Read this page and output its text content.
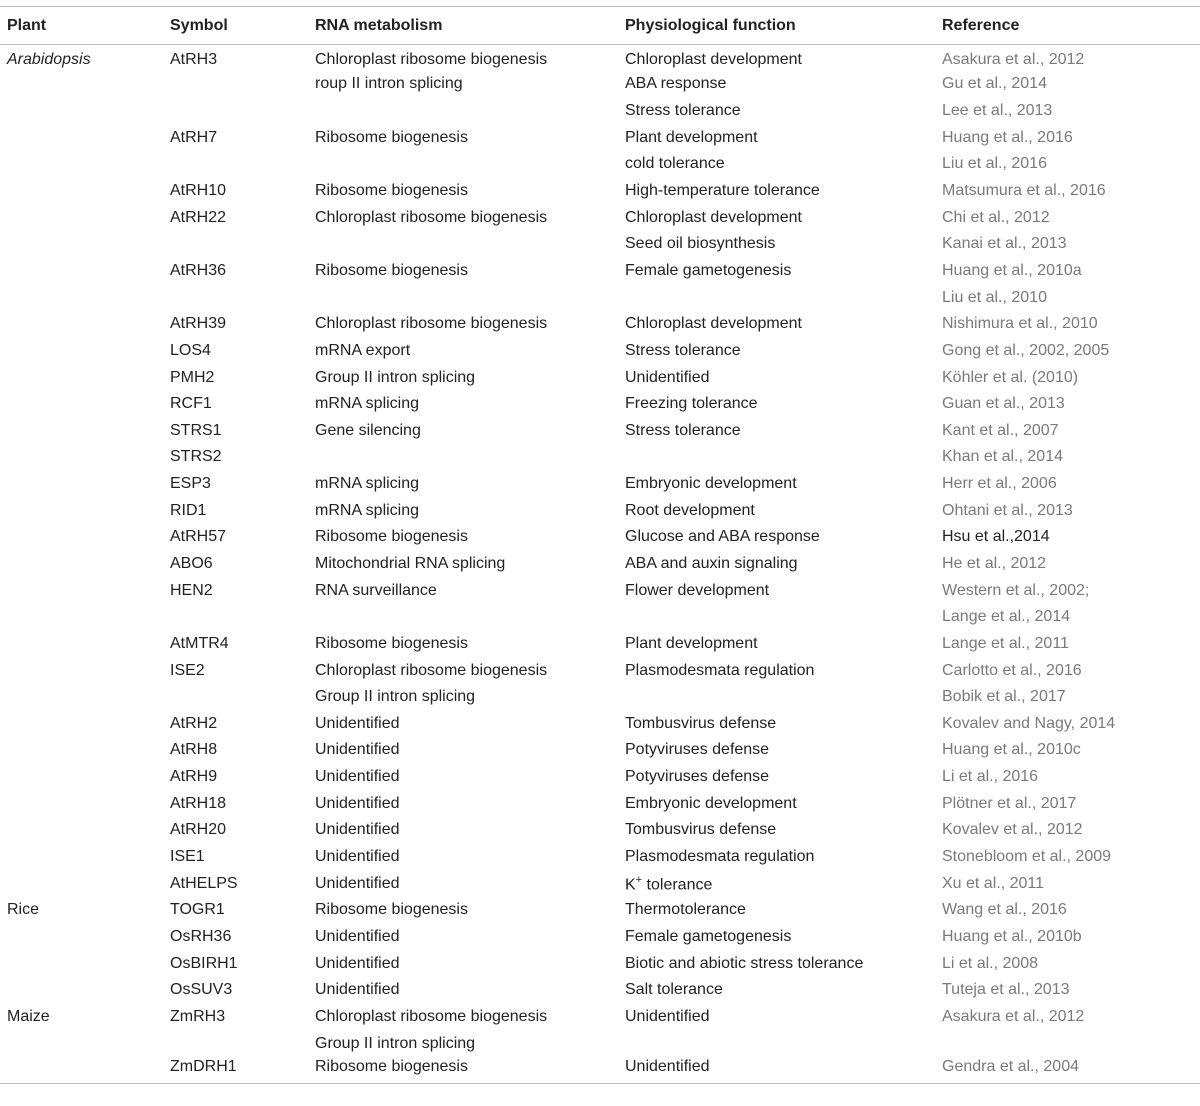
Plant	Symbol	RNA metabolism	Physiological function	Reference
Arabidopsis	AtRH3	Chloroplast ribosome biogenesis	Chloroplast development	Asakura et al., 2012
		roup II intron splicing	ABA response	Gu et al., 2014
			Stress tolerance	Lee et al., 2013
	AtRH7	Ribosome biogenesis	Plant development	Huang et al., 2016
			cold tolerance	Liu et al., 2016
	AtRH10	Ribosome biogenesis	High-temperature tolerance	Matsumura et al., 2016
	AtRH22	Chloroplast ribosome biogenesis	Chloroplast development	Chi et al., 2012
			Seed oil biosynthesis	Kanai et al., 2013
	AtRH36	Ribosome biogenesis	Female gametogenesis	Huang et al., 2010a
				Liu et al., 2010
	AtRH39	Chloroplast ribosome biogenesis	Chloroplast development	Nishimura et al., 2010
	LOS4	mRNA export	Stress tolerance	Gong et al., 2002, 2005
	PMH2	Group II intron splicing	Unidentified	Köhler et al. (2010)
	RCF1	mRNA splicing	Freezing tolerance	Guan et al., 2013
	STRS1	Gene silencing	Stress tolerance	Kant et al., 2007
	STRS2			Khan et al., 2014
	ESP3	mRNA splicing	Embryonic development	Herr et al., 2006
	RID1	mRNA splicing	Root development	Ohtani et al., 2013
	AtRH57	Ribosome biogenesis	Glucose and ABA response	Hsu et al.,2014
	ABO6	Mitochondrial RNA splicing	ABA and auxin signaling	He et al., 2012
	HEN2	RNA surveillance	Flower development	Western et al., 2002;
				Lange et al., 2014
	AtMTR4	Ribosome biogenesis	Plant development	Lange et al., 2011
	ISE2	Chloroplast ribosome biogenesis	Plasmodesmata regulation	Carlotto et al., 2016
		Group II intron splicing		Bobik et al., 2017
	AtRH2	Unidentified	Tombusvirus defense	Kovalev and Nagy, 2014
	AtRH8	Unidentified	Potyviruses defense	Huang et al., 2010c
	AtRH9	Unidentified	Potyviruses defense	Li et al., 2016
	AtRH18	Unidentified	Embryonic development	Plötner et al., 2017
	AtRH20	Unidentified	Tombusvirus defense	Kovalev et al., 2012
	ISE1	Unidentified	Plasmodesmata regulation	Stonebloom et al., 2009
	AtHELPS	Unidentified	K+ tolerance	Xu et al., 2011
Rice	TOGR1	Ribosome biogenesis	Thermotolerance	Wang et al., 2016
	OsRH36	Unidentified	Female gametogenesis	Huang et al., 2010b
	OsBIRH1	Unidentified	Biotic and abiotic stress tolerance	Li et al., 2008
	OsSUV3	Unidentified	Salt tolerance	Tuteja et al., 2013
Maize	ZmRH3	Chloroplast ribosome biogenesis	Unidentified	Asakura et al., 2012
		Group II intron splicing		
	ZmDRH1	Ribosome biogenesis	Unidentified	Gendra et al., 2004
